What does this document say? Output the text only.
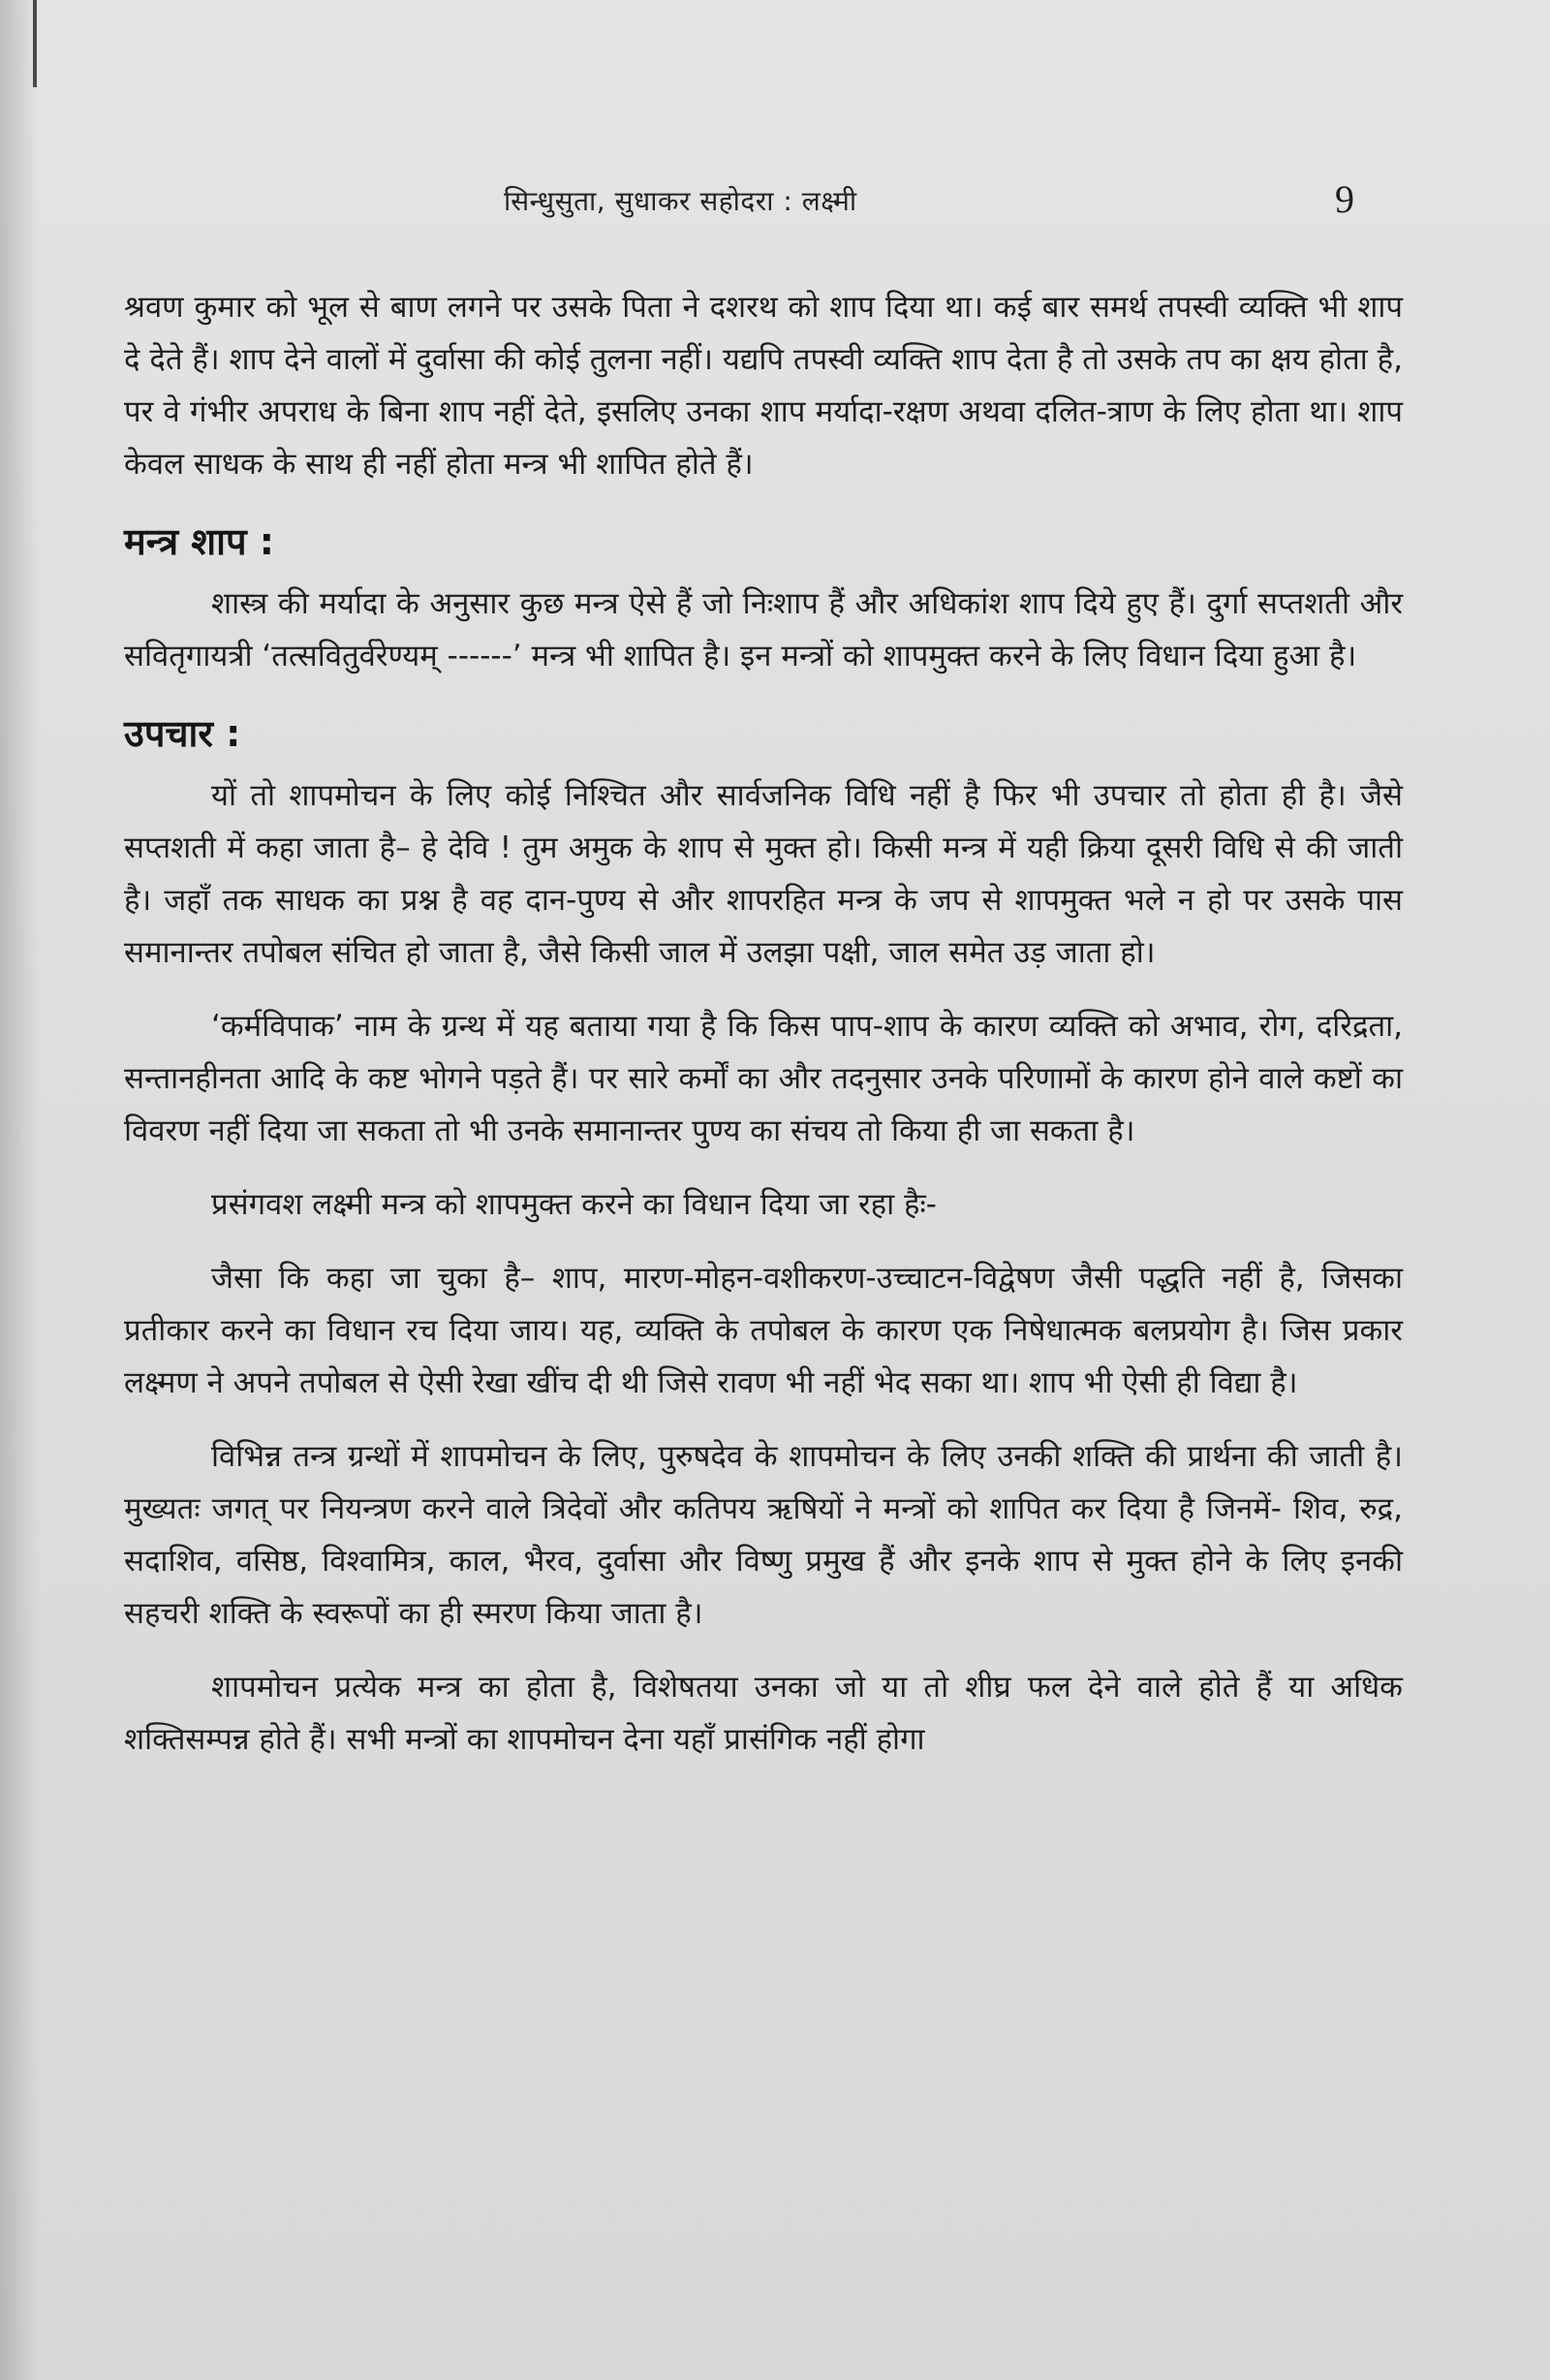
सिन्धुसुता, सुधाकर सहोदरा : लक्ष्मी	9

श्रवण कुमार को भूल से बाण लगने पर उसके पिता ने दशरथ को शाप दिया था। कई बार समर्थ तपस्वी व्यक्ति भी शाप दे देते हैं। शाप देने वालों में दुर्वासा की कोई तुलना नहीं। यद्यपि तपस्वी व्यक्ति शाप देता है तो उसके तप का क्षय होता है, पर वे गंभीर अपराध के बिना शाप नहीं देते, इसलिए उनका शाप मर्यादा-रक्षण अथवा दलित-त्राण के लिए होता था। शाप केवल साधक के साथ ही नहीं होता मन्त्र भी शापित होते हैं।

मन्त्र शाप :

शास्त्र की मर्यादा के अनुसार कुछ मन्त्र ऐसे हैं जो निःशाप हैं और अधिकांश शाप दिये हुए हैं। दुर्गा सप्तशती और सवितृगायत्री ‘तत्सवितुर्वरेण्यम् ------’ मन्त्र भी शापित है। इन मन्त्रों को शापमुक्त करने के लिए विधान दिया हुआ है।

उपचार :

यों तो शापमोचन के लिए कोई निश्चित और सार्वजनिक विधि नहीं है फिर भी उपचार तो होता ही है। जैसे सप्तशती में कहा जाता है– हे देवि ! तुम अमुक के शाप से मुक्त हो। किसी मन्त्र में यही क्रिया दूसरी विधि से की जाती है। जहाँ तक साधक का प्रश्न है वह दान-पुण्य से और शापरहित मन्त्र के जप से शापमुक्त भले न हो पर उसके पास समानान्तर तपोबल संचित हो जाता है, जैसे किसी जाल में उलझा पक्षी, जाल समेत उड़ जाता हो।

‘कर्मविपाक’ नाम के ग्रन्थ में यह बताया गया है कि किस पाप-शाप के कारण व्यक्ति को अभाव, रोग, दरिद्रता, सन्तानहीनता आदि के कष्ट भोगने पड़ते हैं। पर सारे कर्मों का और तदनुसार उनके परिणामों के कारण होने वाले कष्टों का विवरण नहीं दिया जा सकता तो भी उनके समानान्तर पुण्य का संचय तो किया ही जा सकता है।

प्रसंगवश लक्ष्मी मन्त्र को शापमुक्त करने का विधान दिया जा रहा हैः-

जैसा कि कहा जा चुका है– शाप, मारण-मोहन-वशीकरण-उच्चाटन-विद्वेषण जैसी पद्धति नहीं है, जिसका प्रतीकार करने का विधान रच दिया जाय। यह, व्यक्ति के तपोबल के कारण एक निषेधात्मक बलप्रयोग है। जिस प्रकार लक्ष्मण ने अपने तपोबल से ऐसी रेखा खींच दी थी जिसे रावण भी नहीं भेद सका था। शाप भी ऐसी ही विद्या है।

विभिन्न तन्त्र ग्रन्थों में शापमोचन के लिए, पुरुषदेव के शापमोचन के लिए उनकी शक्ति की प्रार्थना की जाती है। मुख्यतः जगत् पर नियन्त्रण करने वाले त्रिदेवों और कतिपय ऋषियों ने मन्त्रों को शापित कर दिया है जिनमें- शिव, रुद्र, सदाशिव, वसिष्ठ, विश्वामित्र, काल, भैरव, दुर्वासा और विष्णु प्रमुख हैं और इनके शाप से मुक्त होने के लिए इनकी सहचरी शक्ति के स्वरूपों का ही स्मरण किया जाता है।

शापमोचन प्रत्येक मन्त्र का होता है, विशेषतया उनका जो या तो शीघ्र फल देने वाले होते हैं या अधिक शक्तिसम्पन्न होते हैं। सभी मन्त्रों का शापमोचन देना यहाँ प्रासंगिक नहीं होगा
